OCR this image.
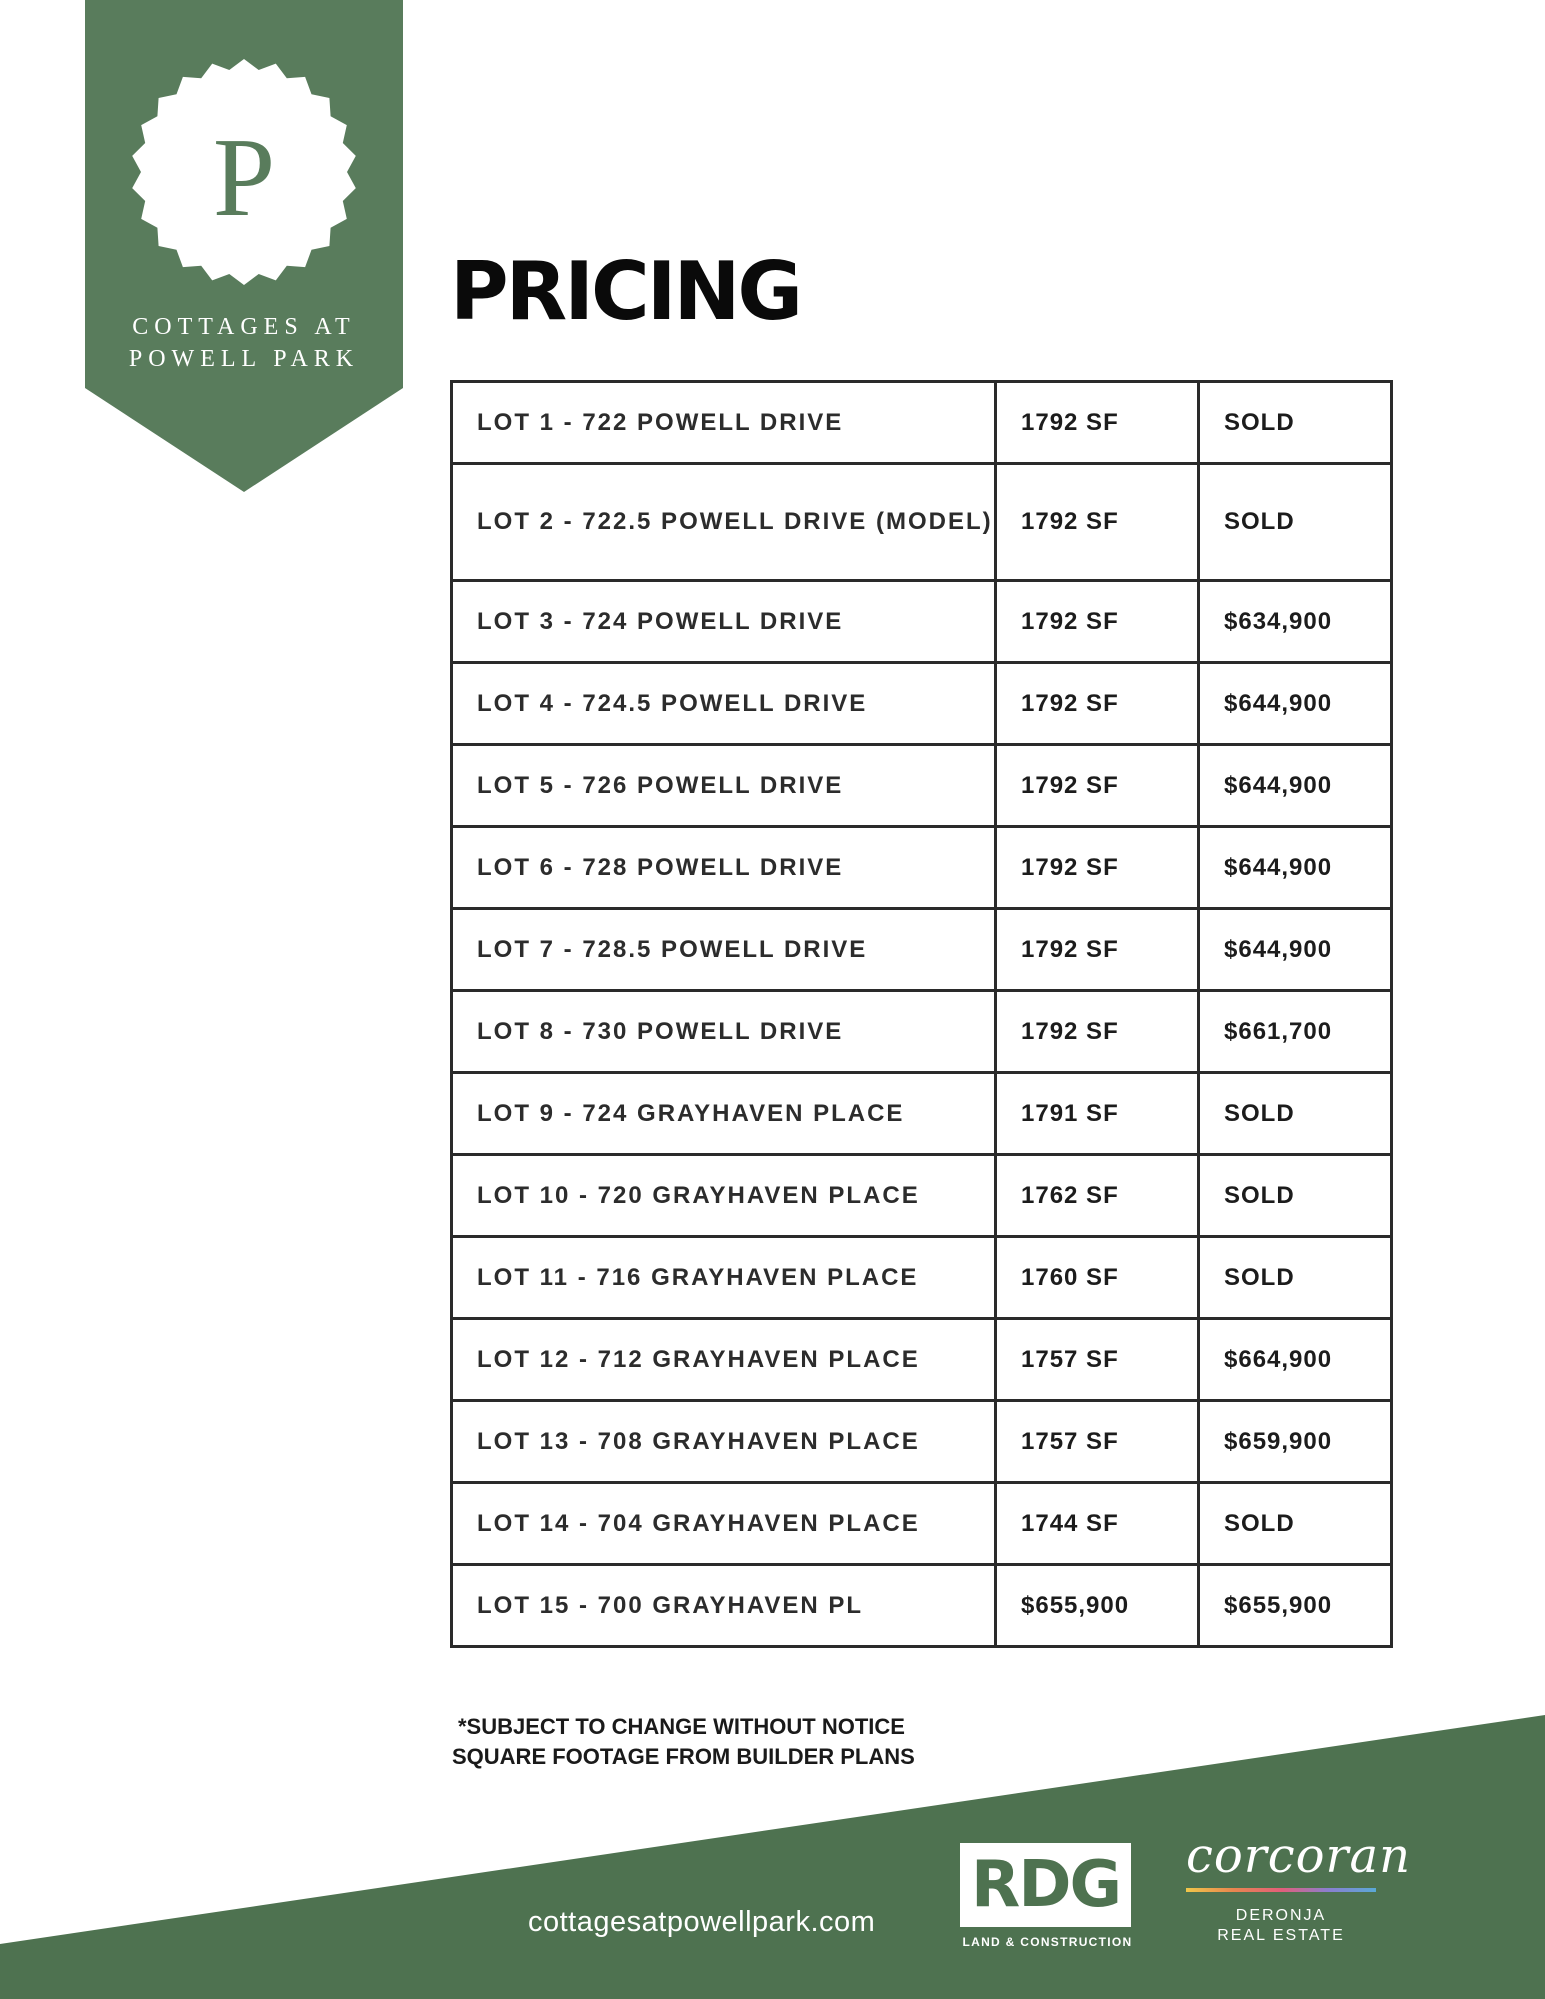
P

COTTAGES AT

POWELL PARK

PRICING
LOT 1 - 722 POWELL DRIVE	1792 SF	SOLD
LOT 2 - 722.5 POWELL DRIVE (MODEL)	1792 SF	SOLD
LOT 3 - 724 POWELL DRIVE	1792 SF	$634,900
LOT 4 - 724.5 POWELL DRIVE	1792 SF	$644,900
LOT 5 - 726 POWELL DRIVE	1792 SF	$644,900
LOT 6 - 728 POWELL DRIVE	1792 SF	$644,900
LOT 7 - 728.5 POWELL DRIVE	1792 SF	$644,900
LOT 8 - 730 POWELL DRIVE	1792 SF	$661,700
LOT 9 - 724 GRAYHAVEN PLACE	1791 SF	SOLD
LOT 10 - 720 GRAYHAVEN PLACE	1762 SF	SOLD
LOT 11 - 716 GRAYHAVEN PLACE	1760 SF	SOLD
LOT 12 - 712 GRAYHAVEN PLACE	1757 SF	$664,900
LOT 13 - 708 GRAYHAVEN PLACE	1757 SF	$659,900
LOT 14 - 704 GRAYHAVEN PLACE	1744 SF	SOLD
LOT 15 - 700 GRAYHAVEN PL	$655,900	$655,900

*SUBJECT TO CHANGE WITHOUT NOTICE
SQUARE FOOTAGE FROM BUILDER PLANS

cottagesatpowellpark.com RDG
LAND & CONSTRUCTION
corcoran
DERONJA
REAL ESTATE
